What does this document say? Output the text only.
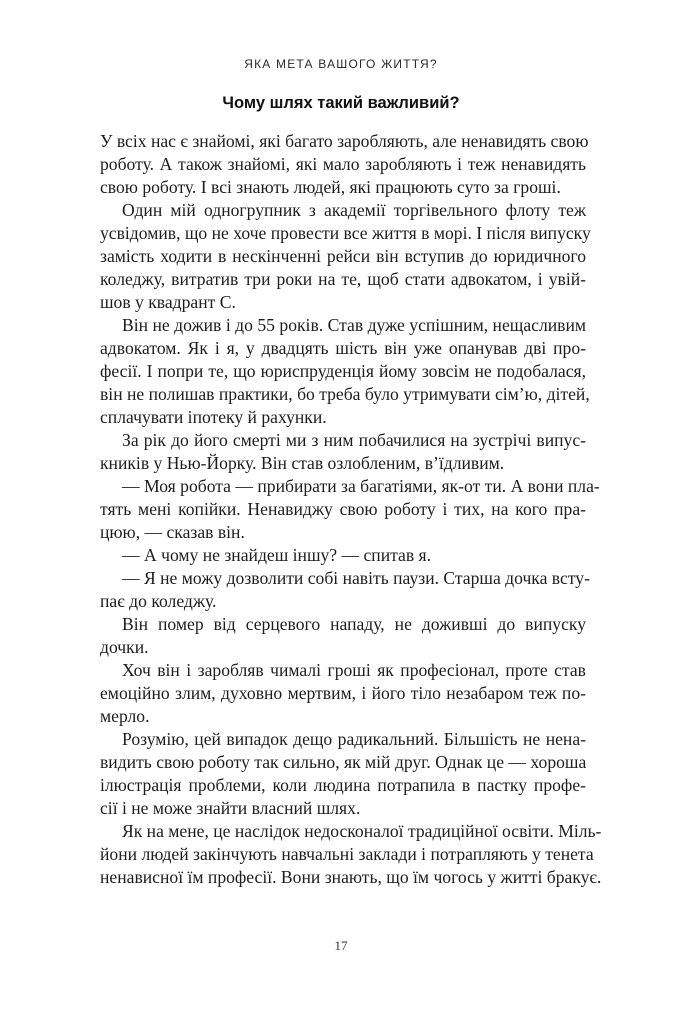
ЯКА МЕТА ВАШОГО ЖИТТЯ?
Чому шлях такий важливий?
У всіх нас є знайомі, які багато заробляють, але ненавидять свою
роботу. А також знайомі, які мало заробляють і теж ненавидять
свою роботу. І всі знають людей, які працюють суто за гроші.
Один мій одногрупник з академії торгівельного флоту теж
усвідомив, що не хоче провести все життя в морі. І після випуску
замість ходити в нескінченні рейси він вступив до юридичного
коледжу, витратив три роки на те, щоб стати адвокатом, і увій-
шов у квадрант С.
Він не дожив і до 55 років. Став дуже успішним, нещасливим
адвокатом. Як і я, у двадцять шість він уже опанував дві про-
фесії. І попри те, що юриспруденція йому зовсім не подобалася,
він не полишав практики, бо треба було утримувати сім’ю, дітей,
сплачувати іпотеку й рахунки.
За рік до його смерті ми з ним побачилися на зустрічі випус-
кників у Нью-Йорку. Він став озлобленим, в’їдливим.
— Моя робота — прибирати за багатіями, як-от ти. А вони пла-
тять мені копійки. Ненавиджу свою роботу і тих, на кого пра-
цюю, — сказав він.
— А чому не знайдеш іншу? — спитав я.
— Я не можу дозволити собі навіть паузи. Старша дочка всту-
пає до коледжу.
Він помер від серцевого нападу, не дожившi до випуску
дочки.
Хоч він і заробляв чималі гроші як професіонал, проте став
емоційно злим, духовно мертвим, і його тіло незабаром теж по-
мерло.
Розумію, цей випадок дещо радикальний. Більшість не нена-
видить свою роботу так сильно, як мій друг. Однак це — хороша
ілюстрація проблеми, коли людина потрапила в пастку профе-
сії і не може знайти власний шлях.
Як на мене, це наслідок недосконалої традиційної освіти. Міль-
йони людей закінчують навчальні заклади і потрапляють у тенета
ненависної їм професії. Вони знають, що їм чогось у житті бракує.
17
